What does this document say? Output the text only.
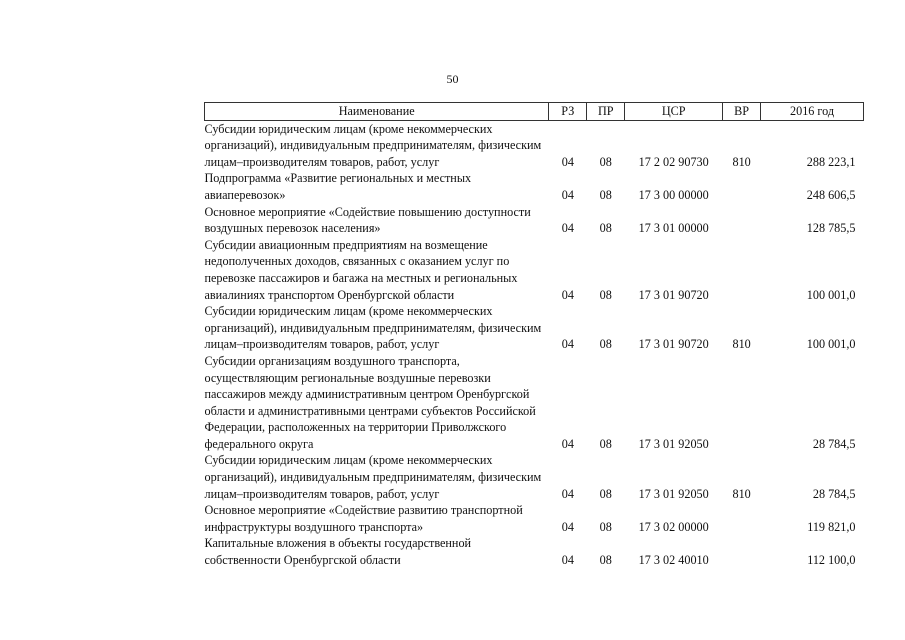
50
Наименование	РЗ	ПР	ЦСР	ВР	2016 год
Субсидии юридическим лицам (кроме некоммерческих организаций), индивидуальным предпринимателям, физическим лицам–производителям товаров, работ, услуг	04	08	17 2 02 90730	810	288 223,1
Подпрограмма «Развитие региональных и местных авиаперевозок»	04	08	17 3 00 00000		248 606,5
Основное мероприятие «Содействие повышению доступности воздушных перевозок населения»	04	08	17 3 01 00000		128 785,5
Субсидии авиационным предприятиям на возмещение недополученных доходов, связанных с оказанием услуг по перевозке пассажиров и багажа на местных и региональных авиалиниях транспортом Оренбургской области	04	08	17 3 01 90720		100 001,0
Субсидии юридическим лицам (кроме некоммерческих организаций), индивидуальным предпринимателям, физическим лицам–производителям товаров, работ, услуг	04	08	17 3 01 90720	810	100 001,0
Субсидии организациям воздушного транспорта, осуществляющим региональные воздушные перевозки пассажиров между административным центром Оренбургской области и административными центрами субъектов Российской Федерации, расположенных на территории Приволжского федерального округа	04	08	17 3 01 92050		28 784,5
Субсидии юридическим лицам (кроме некоммерческих организаций), индивидуальным предпринимателям, физическим лицам–производителям товаров, работ, услуг	04	08	17 3 01 92050	810	28 784,5
Основное мероприятие «Содействие развитию транспортной инфраструктуры воздушного транспорта»	04	08	17 3 02 00000		119 821,0
Капитальные вложения в объекты государственной собственности Оренбургской области	04	08	17 3 02 40010		112 100,0
